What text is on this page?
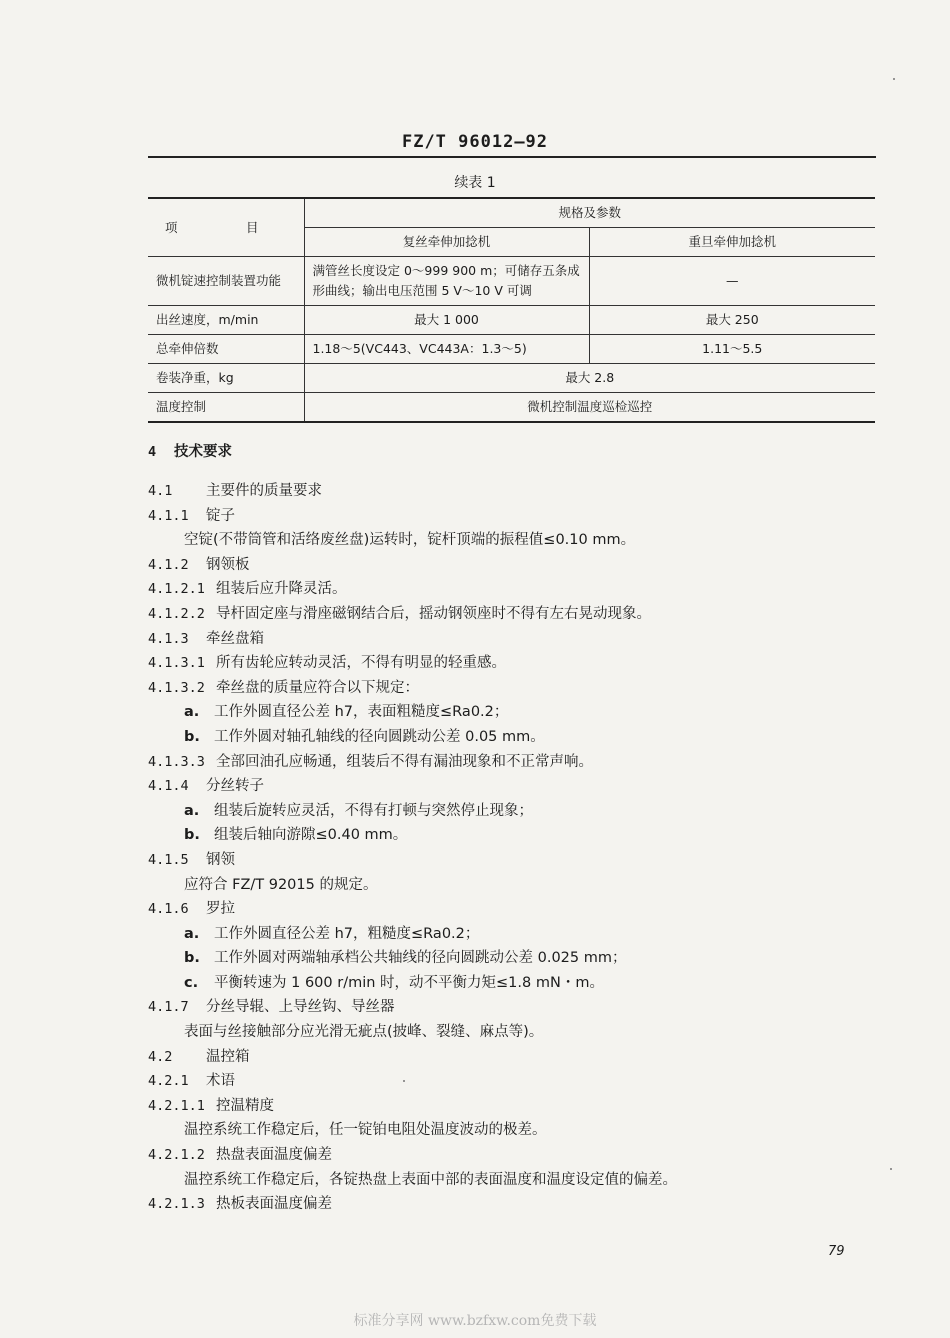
FZ/T 96012—92
续表 1
项　目	规格及参数	
	复丝牵伸加捻机	重旦牵伸加捻机
微机锭速控制装置功能	满管丝长度设定 0～999 900 m；可储存五条成形曲线；输出电压范围 5 V～10 V 可调	—
出丝速度，m/min	最大 1 000	最大 250
总牵伸倍数	1.18～5(VC443、VC443A：1.3～5)	1.11～5.5
卷装净重，kg	最大 2.8	
温度控制	微机控制温度巡检巡控	
4 技术要求
4.1 主要件的质量要求
4.1.1 锭子
空锭(不带筒管和活络废丝盘)运转时，锭杆顶端的振程值≤0.10 mm。
4.1.2 钢领板
4.1.2.1 组装后应升降灵活。
4.1.2.2 导杆固定座与滑座磁钢结合后，摇动钢领座时不得有左右晃动现象。
4.1.3 牵丝盘箱
4.1.3.1 所有齿轮应转动灵活，不得有明显的轻重感。
4.1.3.2 牵丝盘的质量应符合以下规定：
a. 工作外圆直径公差 h7，表面粗糙度≤Ra0.2；
b. 工作外圆对轴孔轴线的径向圆跳动公差 0.05 mm。
4.1.3.3 全部回油孔应畅通，组装后不得有漏油现象和不正常声响。
4.1.4 分丝转子
a. 组装后旋转应灵活，不得有打顿与突然停止现象；
b. 组装后轴向游隙≤0.40 mm。
4.1.5 钢领
应符合 FZ/T 92015 的规定。
4.1.6 罗拉
a. 工作外圆直径公差 h7，粗糙度≤Ra0.2；
b. 工作外圆对两端轴承档公共轴线的径向圆跳动公差 0.025 mm；
c. 平衡转速为 1 600 r/min 时，动不平衡力矩≤1.8 mN・m。
4.1.7 分丝导辊、上导丝钩、导丝器
表面与丝接触部分应光滑无疵点(披峰、裂缝、麻点等)。
4.2 温控箱
4.2.1 术语
4.2.1.1 控温精度
温控系统工作稳定后，任一锭铂电阻处温度波动的极差。
4.2.1.2 热盘表面温度偏差
温控系统工作稳定后，各锭热盘上表面中部的表面温度和温度设定值的偏差。
4.2.1.3 热板表面温度偏差
79
标准分享网 www.bzfxw.com免费下载
